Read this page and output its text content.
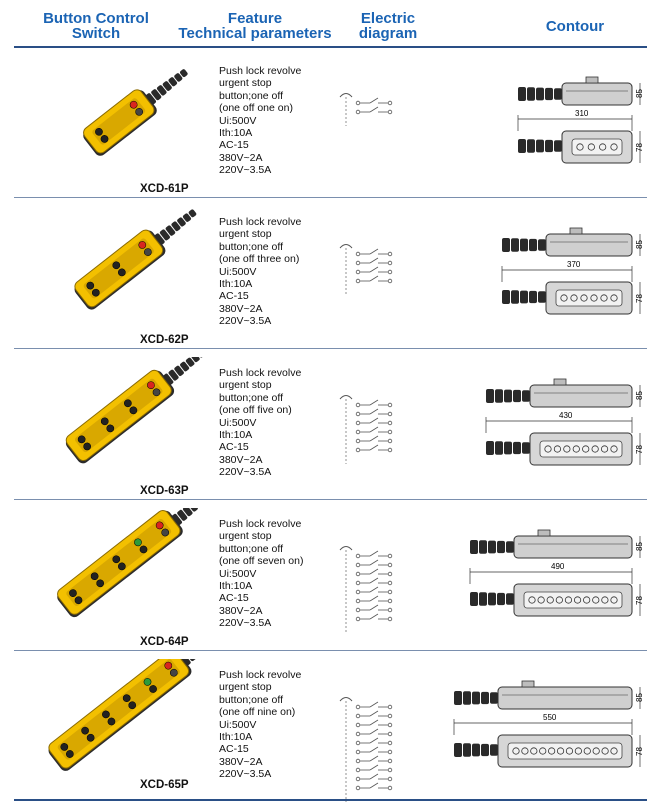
Button Control
Switch
Feature
Technical parameters
Electric
diagram	Contour
XCD-61P
Push lock revolve
urgent stop
button;one off
(one off one on)
Ui:500V
Ith:10A
AC-15
380V~2A
220V~3.5A
85
310
78
XCD-62P
Push lock revolve
urgent stop
button;one off
(one off three on)
Ui:500V
Ith:10A
AC-15
380V~2A
220V~3.5A
85
370
78
XCD-63P
Push lock revolve
urgent stop
button;one off
(one off five on)
Ui:500V
Ith:10A
AC-15
380V~2A
220V~3.5A
85
430
78
XCD-64P
Push lock revolve
urgent stop
button;one off
(one off seven on)
Ui:500V
Ith:10A
AC-15
380V~2A
220V~3.5A
85
490
78
XCD-65P
Push lock revolve
urgent stop
button;one off
(one off nine on)
Ui:500V
Ith:10A
AC-15
380V~2A
220V~3.5A
85
550
78
